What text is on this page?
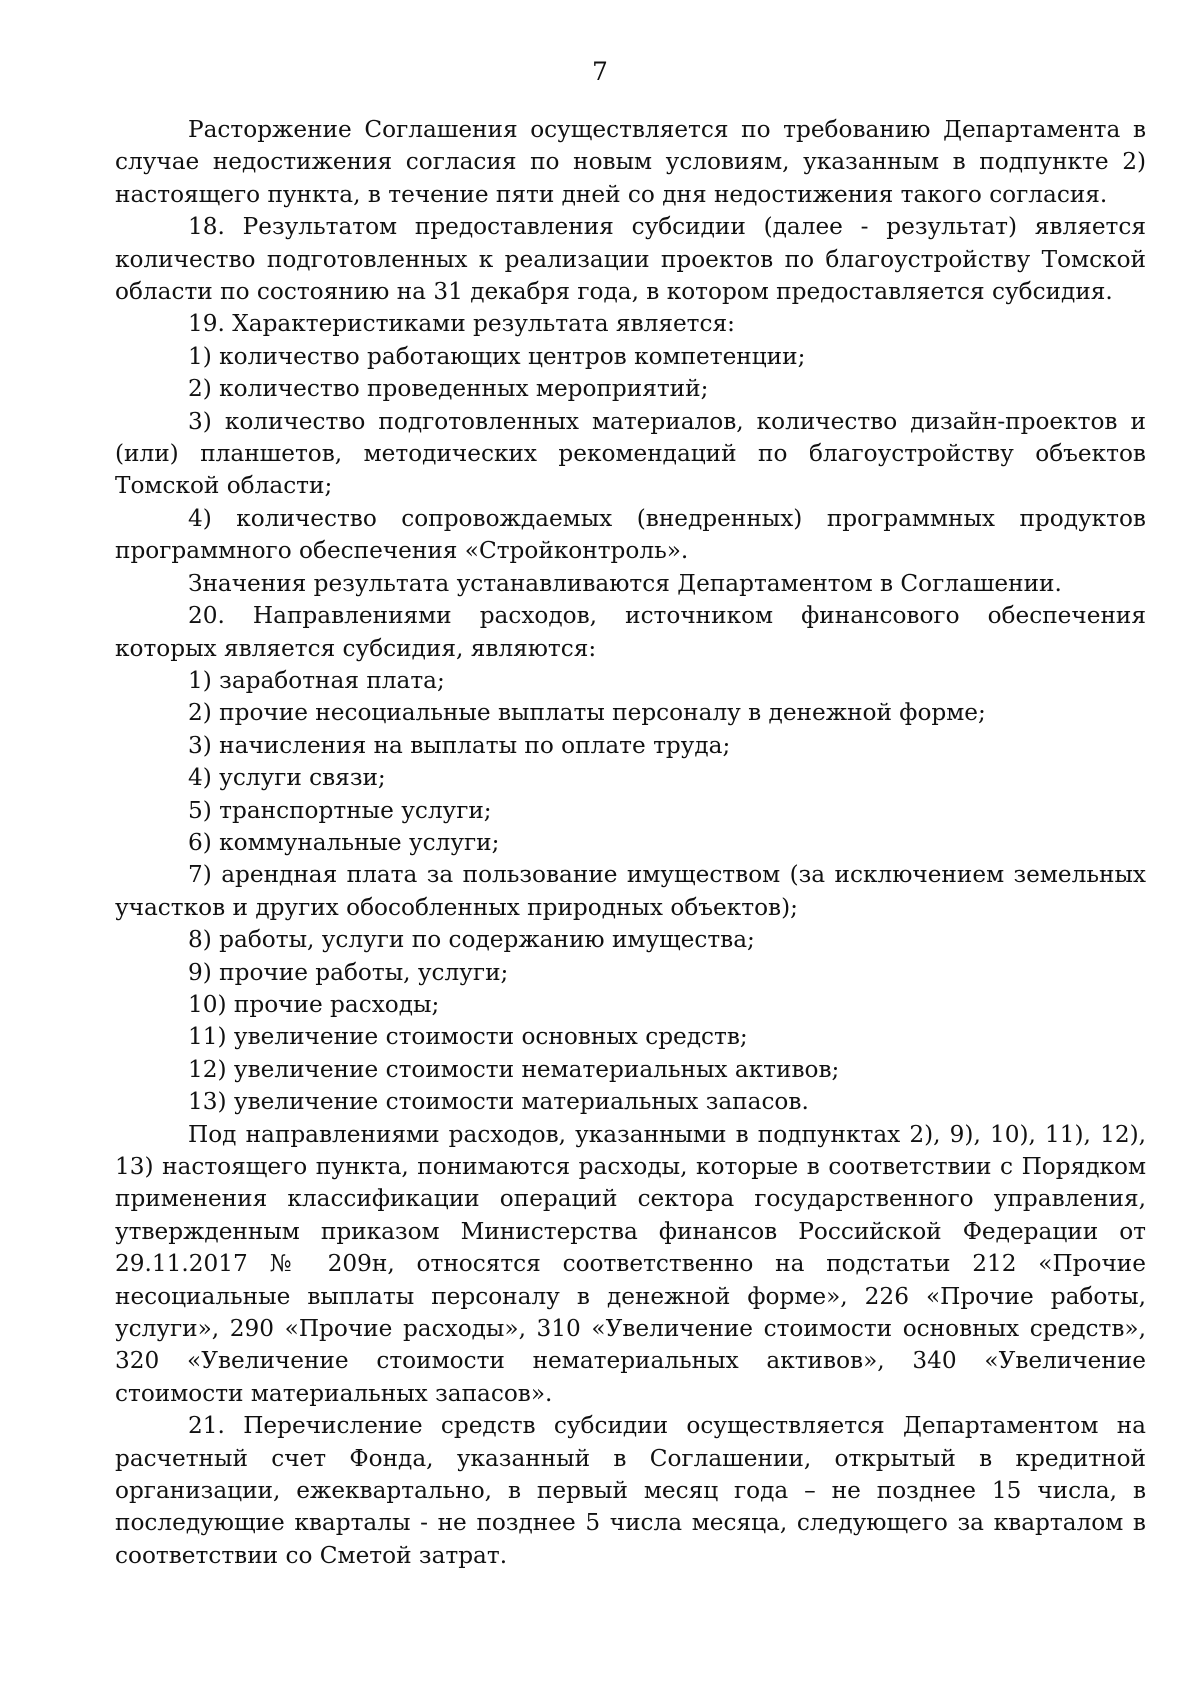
7

Расторжение Соглашения осуществляется по требованию Департамента в случае недостижения согласия по новым условиям, указанным в подпункте 2) настоящего пункта, в течение пяти дней со дня недостижения такого согласия.

18. Результатом предоставления субсидии (далее - результат) является количество подготовленных к реализации проектов по благоустройству Томской области по состоянию на 31 декабря года, в котором предоставляется субсидия.

19. Характеристиками результата является:

1) количество работающих центров компетенции;

2) количество проведенных мероприятий;

3) количество подготовленных материалов, количество дизайн-проектов и (или) планшетов, методических рекомендаций по благоустройству объектов Томской области;

4) количество сопровождаемых (внедренных) программных продуктов программного обеспечения «Стройконтроль».

Значения результата устанавливаются Департаментом в Соглашении.

20. Направлениями расходов, источником финансового обеспечения которых является субсидия, являются:

1) заработная плата;

2) прочие несоциальные выплаты персоналу в денежной форме;

3) начисления на выплаты по оплате труда;

4) услуги связи;

5) транспортные услуги;

6) коммунальные услуги;

7) арендная плата за пользование имуществом (за исключением земельных участков и других обособленных природных объектов);

8) работы, услуги по содержанию имущества;

9) прочие работы, услуги;

10) прочие расходы;

11) увеличение стоимости основных средств;

12) увеличение стоимости нематериальных активов;

13) увеличение стоимости материальных запасов.

Под направлениями расходов, указанными в подпунктах 2), 9), 10), 11), 12), 13) настоящего пункта, понимаются расходы, которые в соответствии с Порядком применения классификации операций сектора государственного управления, утвержденным приказом Министерства финансов Российской Федерации от 29.11.2017 № 209н, относятся соответственно на подстатьи 212 «Прочие несоциальные выплаты персоналу в денежной форме», 226 «Прочие работы, услуги», 290 «Прочие расходы», 310 «Увеличение стоимости основных средств», 320 «Увеличение стоимости нематериальных активов», 340 «Увеличение стоимости материальных запасов».

21. Перечисление средств субсидии осуществляется Департаментом на расчетный счет Фонда, указанный в Соглашении, открытый в кредитной организации, ежеквартально, в первый месяц года – не позднее 15 числа, в последующие кварталы - не позднее 5 числа месяца, следующего за кварталом в соответствии со Сметой затрат.
